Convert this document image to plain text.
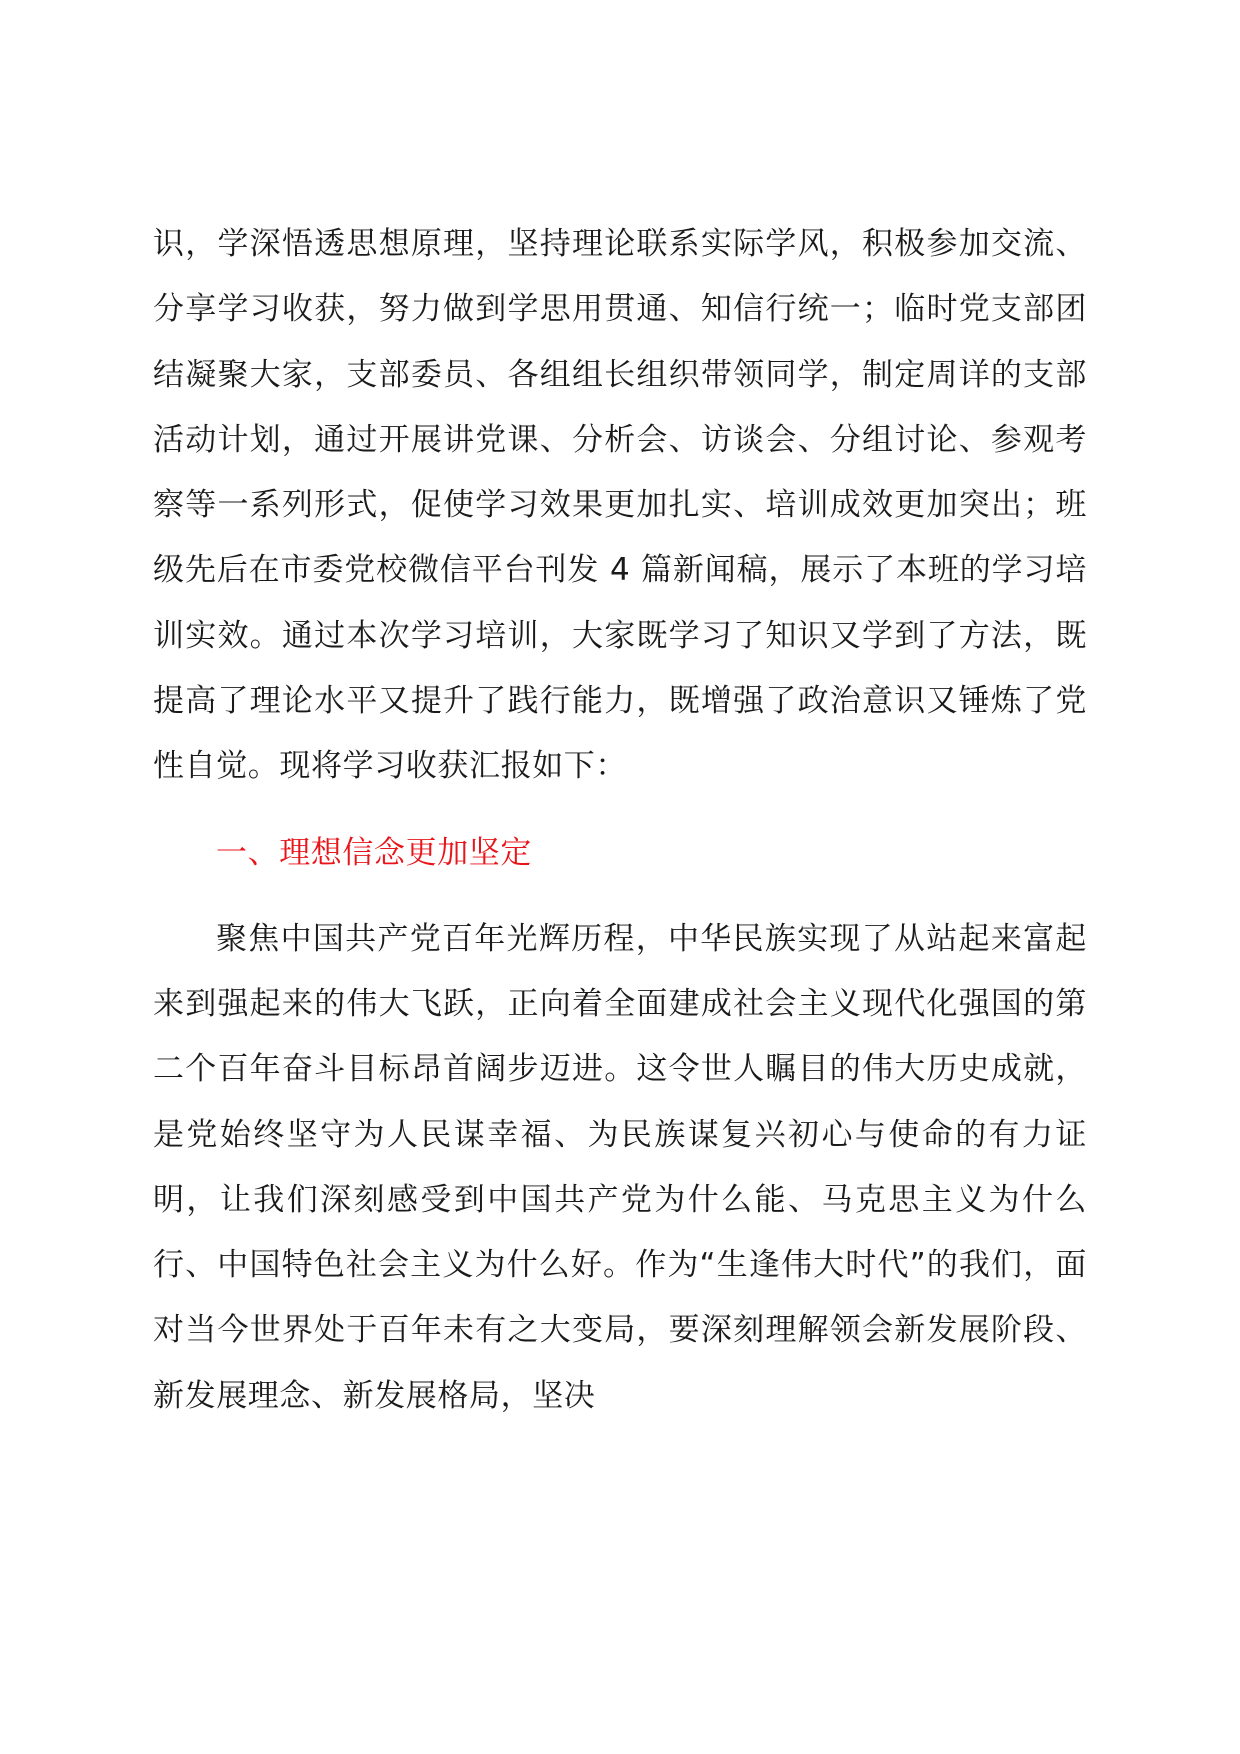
识，学深悟透思想原理，坚持理论联系实际学风，积极参加交流、分享学习收获，努力做到学思用贯通、知信行统一；临时党支部团结凝聚大家，支部委员、各组组长组织带领同学，制定周详的支部活动计划，通过开展讲党课、分析会、访谈会、分组讨论、参观考察等一系列形式，促使学习效果更加扎实、培训成效更加突出；班级先后在市委党校微信平台刊发 4 篇新闻稿，展示了本班的学习培训实效。通过本次学习培训，大家既学习了知识又学到了方法，既提高了理论水平又提升了践行能力，既增强了政治意识又锤炼了党性自觉。现将学习收获汇报如下：

一、理想信念更加坚定

聚焦中国共产党百年光辉历程，中华民族实现了从站起来富起来到强起来的伟大飞跃，正向着全面建成社会主义现代化强国的第二个百年奋斗目标昂首阔步迈进。这令世人瞩目的伟大历史成就，是党始终坚守为人民谋幸福、为民族谋复兴初心与使命的有力证明，让我们深刻感受到中国共产党为什么能、马克思主义为什么行、中国特色社会主义为什么好。作为“生逢伟大时代”的我们，面对当今世界处于百年未有之大变局，要深刻理解领会新发展阶段、新发展理念、新发展格局，坚决
